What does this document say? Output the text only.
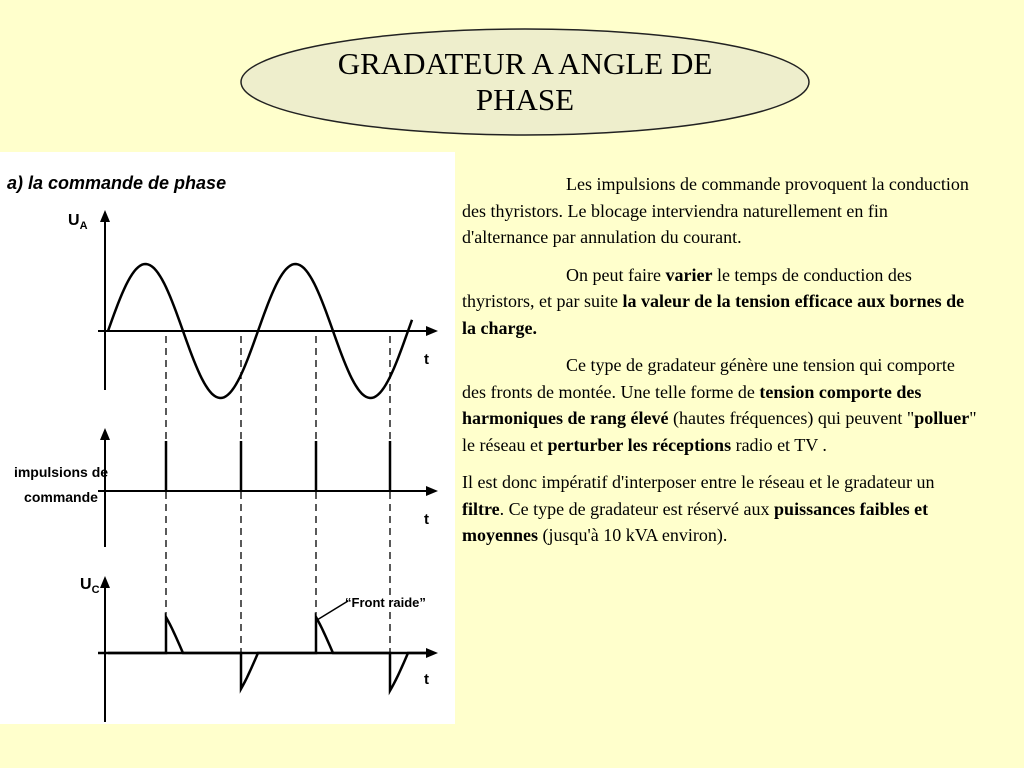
GRADATEUR A ANGLE DE
PHASE
a) la commande de phase
$U_A$
t
impulsions de
commande
t
$U_C$
t
“Front raide”

Les impulsions de commande provoquent la conduction des thyristors. Le blocage interviendra naturellement en fin d'alternance par annulation du courant.

On peut faire varier le temps de conduction des thyristors, et par suite la valeur de la tension efficace aux bornes de la charge.

Ce type de gradateur génère une tension qui comporte des fronts de montée. Une telle forme de tension comporte des harmoniques de rang élevé (hautes fréquences) qui peuvent "polluer" le réseau et perturber les réceptions radio et TV .

Il est donc impératif d'interposer entre le réseau et le gradateur un filtre. Ce type de gradateur est réservé aux puissances faibles et moyennes (jusqu'à 10 kVA environ).
